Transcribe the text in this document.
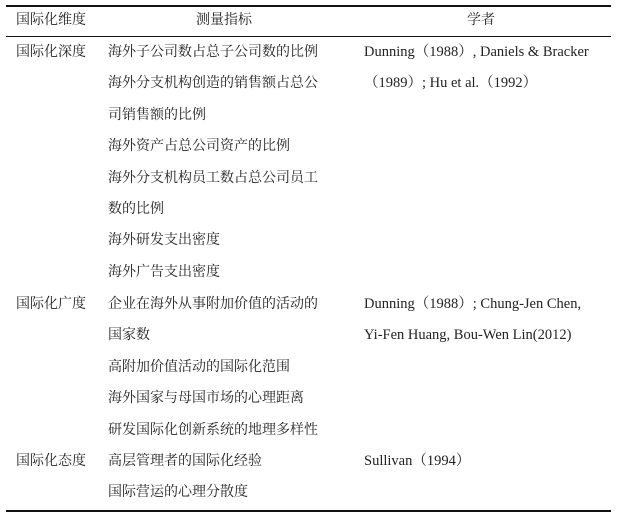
国际化维度	测量指标	学者
国际化深度 海外子公司数占总子公司数的比例
海外分支机构创造的销售额占总公
司销售额的比例
海外资产占总公司资产的比例
海外分支机构员工数占总公司员工
数的比例
海外研发支出密度
海外广告支出密度
Dunning（1988）, Daniels & Bracker
（1989）; Hu et al.（1992）
国际化广度 企业在海外从事附加价值的活动的
国家数
高附加价值活动的国际化范围
海外国家与母国市场的心理距离
研发国际化创新系统的地理多样性
Dunning（1988）; Chung-Jen Chen,
Yi-Fen Huang, Bou-Wen Lin(2012)
国际化态度 高层管理者的国际化经验
国际营运的心理分散度
Sullivan（1994）
